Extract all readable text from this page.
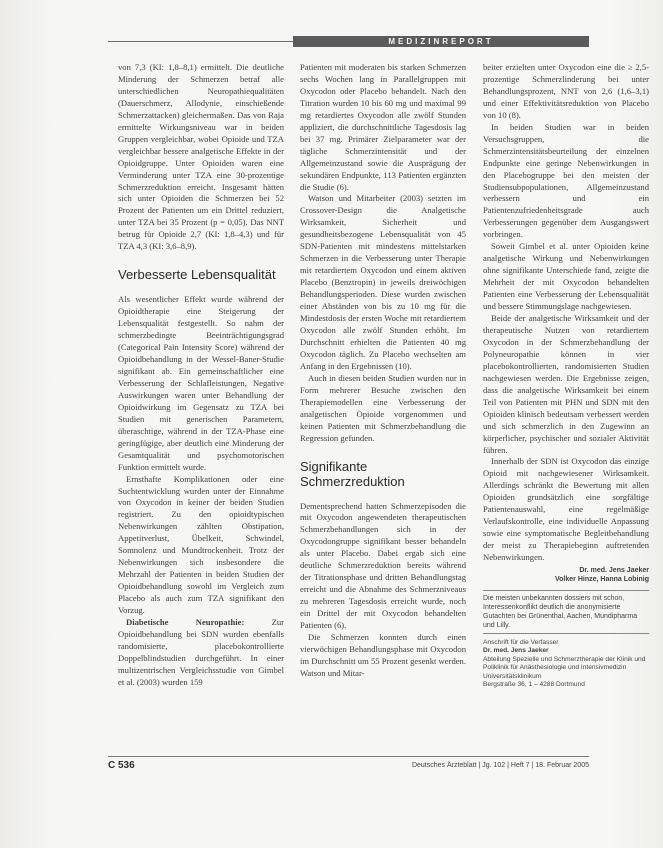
MEDIZINREPORT

von 7,3 (KI: 1,8–8,1) ermittelt. Die deutliche Minderung der Schmerzen betraf alle unterschiedlichen Neuropathiequalitäten (Dauerschmerz, Allodynie, einschießende Schmerzattacken) gleichermaßen. Das von Raja ermittelte Wirkungsniveau war in beiden Gruppen vergleichbar, wobei Opioide und TZA vergleichbar bessere analgetische Effekte in der Opioidgruppe. Unter Opioiden waren eine Verminderung unter TZA eine 30-prozentige Schmerzreduktion erreicht. Insgesamt hätten sich unter Opioiden die Schmerzen bei 52 Prozent der Patienten um ein Drittel reduziert, unter TZA bei 35 Prozent (p = 0,05). Das NNT betrug für Opioide 2,7 (KI: 1,8–4,3) und für TZA 4,3 (KI: 3,6–8,9).

Verbesserte Lebensqualität

Als wesentlicher Effekt wurde während der Opioidtherapie eine Steigerung der Lebensqualität festgestellt. So nahm der schmerzbedingte Beeinträchtigungsgrad (Categorical Pain Intensity Score) während der Opioidbehandlung in der Wessel-Baner-Studie signifikant ab. Ein gemeinschaftlicher eine Verbesserung der Schlafleistungen, Negative Auswirkungen waren unter Behandlung der Opioidwirkung im Gegensatz zu TZA bei Studien mit generischen Parametern, überaschtige, während in der TZA-Phase eine geringfügige, aber deutlich eine Minderung der Gesamtqualität und psychomotorischen Funktion ermittelt wurde.

Ernsthafte Komplikationen oder eine Suchtentwicklung wurden unter der Einnahme von Oxycodon in keiner der beiden Studien registriert. Zu den opioidtypischen Nebenwirkungen zählten Obstipation, Appetitverlust, Übelkeit, Schwindel, Somnolenz und Mundtrockenheit. Trotz der Nebenwirkungen sich insbesondere die Mehrzahl der Patienten in beiden Studien der Opioidbehandlung sowohl im Vergleich zum Placebo als auch zum TZA signifikant den Vorzug.

Diabetische Neuropathie: Zur Opioidbehandlung bei SDN wurden ebenfalls randomisierte, placebokontrollierte Doppelblindstudien durchgeführt. In einer multizentrischen Vergleichsstudie von Gimbel et al. (2003) wurden 159

Patienten mit moderaten bis starken Schmerzen sechs Wochen lang in Parallelgruppen mit Oxycodon oder Placebo behandelt. Nach den Titration wurden 10 bis 60 mg und maximal 99 mg retardiertes Oxycodon alle zwölf Stunden appliziert, die durchschnittliche Tagesdosis lag bei 37 mg. Primärer Zielparameter war der tägliche Schmerzintensität und der Allgemeinzustand sowie die Ausprägung der sekundären Endpunkte, 113 Patienten ergänzten die Studie (6).

Watson und Mitarbeiter (2003) setzten im Crossover-Design die Analgetische Wirksamkeit, Sicherheit und gesundheitsbezogene Lebensqualität von 45 SDN-Patienten mit mindestens mittelstarken Schmerzen in die Verbesserung unter Therapie mit retardiertem Oxycodon und einem aktiven Placebo (Benztropin) in jeweils dreiwöchigen Behandlungsperioden. Diese wurden zwischen einer Abständen von bis zu 10 mg für die Mindestdosis der ersten Woche mit retardiertem Oxycodon alle zwölf Stunden erhöht. Im Durchschnitt erhielten die Patienten 40 mg Oxycodon täglich. Zu Placebo wechselten am Anfang in den Ergebnissen (10).

Auch in diesen beiden Studien wurden nur in Form mehrerer Besuche zwischen den Therapiemodellen eine Verbesserung der analgetischen Opioide vorgenommen und keinen Patienten mit Schmerzbehandlung die Regression gefunden.

Signifikante
Schmerzreduktion

Dementsprechend hatten Schmerzepisoden die mit Oxycodon angewendeten therapeutischen Schmerzbehandlungen sich in der Oxycodongruppe signifikant besser behandeln als unter Placebo. Dabei ergab sich eine deutliche Schmerzreduktion bereits während der Titrationsphase und dritten Behandlungstag erreicht und die Abnahme des Schmerzniveaus zu mehreren Tagesdosis erreicht wurde, noch ein Drittel der mit Oxycodon behandelten Patienten (6).

Die Schmerzen konnten durch einen vierwöchigen Behandlungsphase mit Oxycodon im Durchschnitt um 55 Prozent gesenkt werden. Watson und Mitar-

beiter erzielten unter Oxycodon eine die ≥ 2,5-prozentige Schmerzlinderung bei unter Behandlungsprozent, NNT von 2,6 (1,6–3,1) und einer Effektivitätsreduktion von Placebo von 10 (8).

In beiden Studien war in beiden Versuchsgruppen, die Schmerzintensitätsbeurteilung der einzelnen Endpunkte eine geringe Nebenwirkungen in den Placebogruppe bei den meisten der Studiensubpopulationen, Allgemeinzustand verbessern und ein Patientenzufriedenheitsgrade auch Verbesserungen gegenüber dem Ausgangswert vorbringen.

Soweit Gimbel et al. unter Opioiden keine analgetische Wirkung und Nebenwirkungen ohne signifikante Unterschiede fand, zeigte die Mehrheit der mit Oxycodon behandelten Patienten eine Verbesserung der Lebensqualität und bessere Stimmungslage nachgewiesen.

Beide der analgetische Wirksamkeit und der therapeutische Nutzen von retardiertem Oxycodon in der Schmerzbehandlung der Polyneuropathie können in vier placebokontrollierten, randomisierten Studien nachgewiesen werden. Die Ergebnisse zeigen, dass die analgetische Wirksamkeit bei einem Teil von Patienten mit PHN und SDN mit den Opioiden klinisch bedeutsam verbessert werden und sich schmerzlich in den Zugewinn an körperlicher, psychischer und sozialer Aktivität führen.

Innerhalb der SDN ist Oxycodon das einzige Opioid mit nachgewiesener Wirksamkeit. Allerdings schränkt die Bewertung mit allen Opioiden grundsätzlich eine sorgfältige Patientenauswahl, eine regelmäßige Verlaufskontrolle, eine individuelle Anpassung sowie eine symptomatische Begleitbehandlung der meist zu Therapiebeginn auftretenden Nebenwirkungen.

Dr. med. Jens Jaeker
Volker Hinze, Hanna Lobinig
Die meisten unbekannten dossiers mit schon, Interessenkonflikt deutlich die anonymisierte Gutachten bei Grünenthal, Aachen, Mundipharma und Lilly.
Anschrift für die Verfasser
Dr. med. Jens Jaeker
Abteilung Spezielle und Schmerztherapie der Klinik und Poliklinik für Anästhesiologie und Intensivmedizin
Universitätsklinikum
Bergstraße 36, 1 – 4288 Dortmund
C 536	Deutsches Ärzteblatt | Jg. 102 | Heft 7 | 18. Februar 2005
